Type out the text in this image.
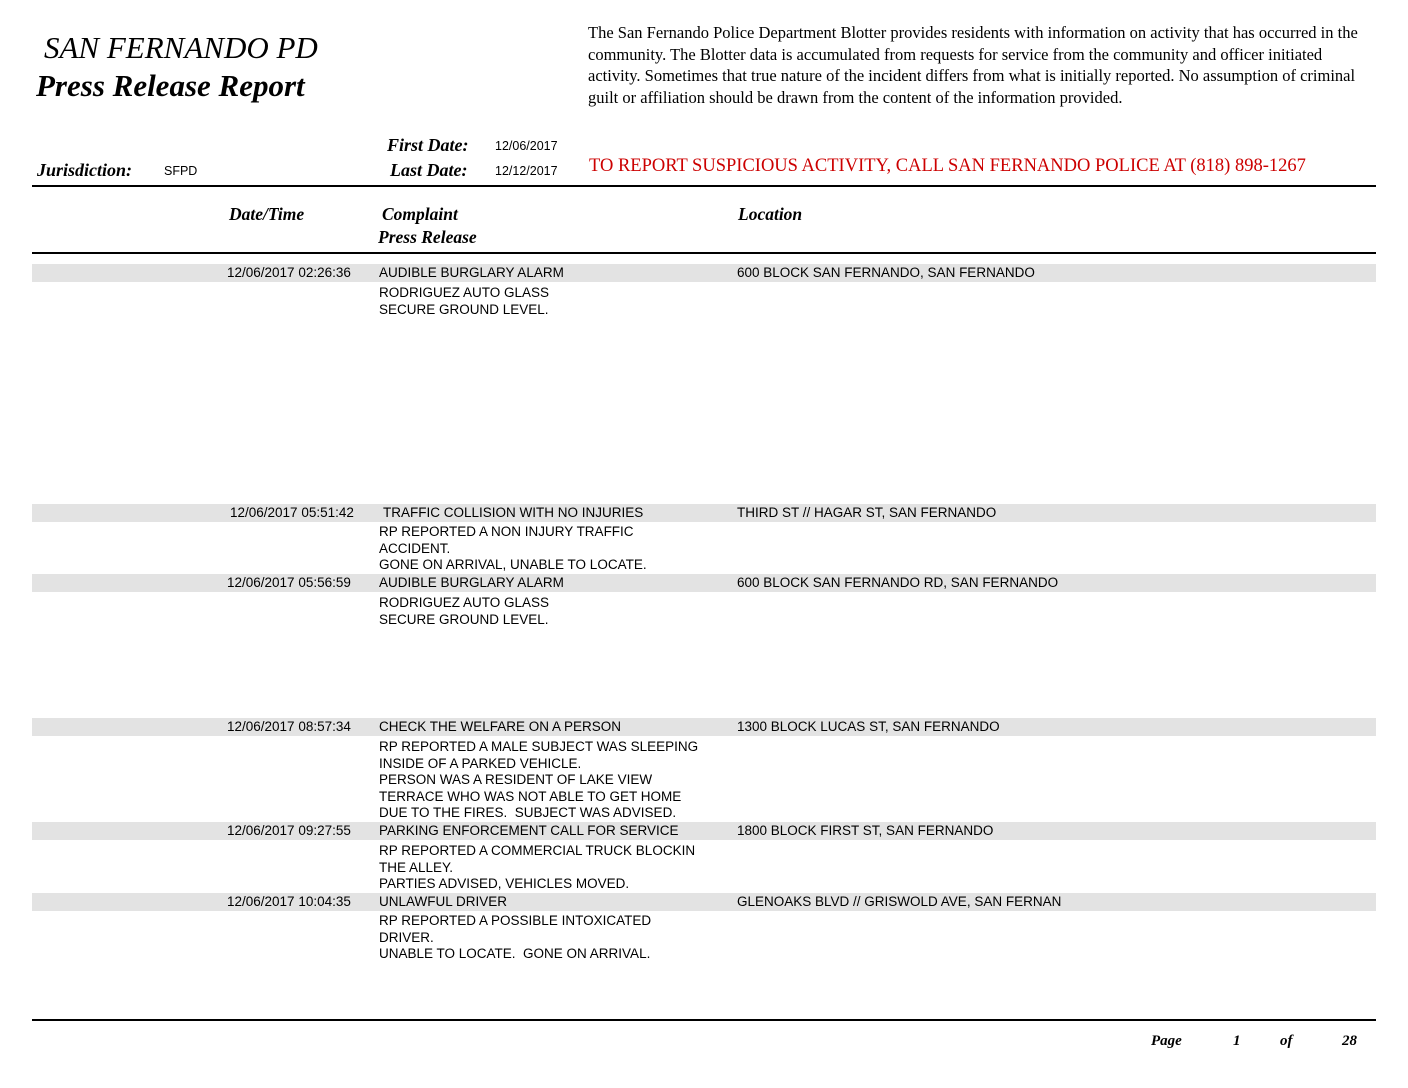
SAN FERNANDO PD
Press Release Report
The San Fernando Police Department Blotter provides residents with information on activity that has occurred in the community. The Blotter data is accumulated from requests for service from the community and officer initiated activity. Sometimes that true nature of the incident differs from what is initially reported. No assumption of criminal guilt or affiliation should be drawn from the content of the information provided.
Jurisdiction:	SFPD
First Date: 12/06/2017
Last Date: 12/12/2017 TO REPORT SUSPICIOUS ACTIVITY, CALL SAN FERNANDO POLICE AT (818) 898-1267
Date/Time	Complaint
Press Release
Location
12/06/2017 02:26:36 AUDIBLE BURGLARY ALARM	600 BLOCK SAN FERNANDO, SAN FERNANDO
RODRIGUEZ AUTO GLASS
SECURE GROUND LEVEL.
12/06/2017 05:51:42 TRAFFIC COLLISION WITH NO INJURIES	THIRD ST // HAGAR ST, SAN FERNANDO
RP REPORTED A NON INJURY TRAFFIC
ACCIDENT.
GONE ON ARRIVAL, UNABLE TO LOCATE.
12/06/2017 05:56:59 AUDIBLE BURGLARY ALARM	600 BLOCK SAN FERNANDO RD, SAN FERNANDO
RODRIGUEZ AUTO GLASS
SECURE GROUND LEVEL.
12/06/2017 08:57:34 CHECK THE WELFARE ON A PERSON	1300 BLOCK LUCAS ST, SAN FERNANDO
RP REPORTED A MALE SUBJECT WAS SLEEPING
INSIDE OF A PARKED VEHICLE.
PERSON WAS A RESIDENT OF LAKE VIEW
TERRACE WHO WAS NOT ABLE TO GET HOME
DUE TO THE FIRES.  SUBJECT WAS ADVISED.
12/06/2017 09:27:55 PARKING ENFORCEMENT CALL FOR SERVICE	1800 BLOCK FIRST ST, SAN FERNANDO
RP REPORTED A COMMERCIAL TRUCK BLOCKIN
THE ALLEY.
PARTIES ADVISED, VEHICLES MOVED.
12/06/2017 10:04:35 UNLAWFUL DRIVER	GLENOAKS BLVD // GRISWOLD AVE, SAN FERNAN
RP REPORTED A POSSIBLE INTOXICATED
DRIVER.
UNABLE TO LOCATE.  GONE ON ARRIVAL.
Page	1	of	28
